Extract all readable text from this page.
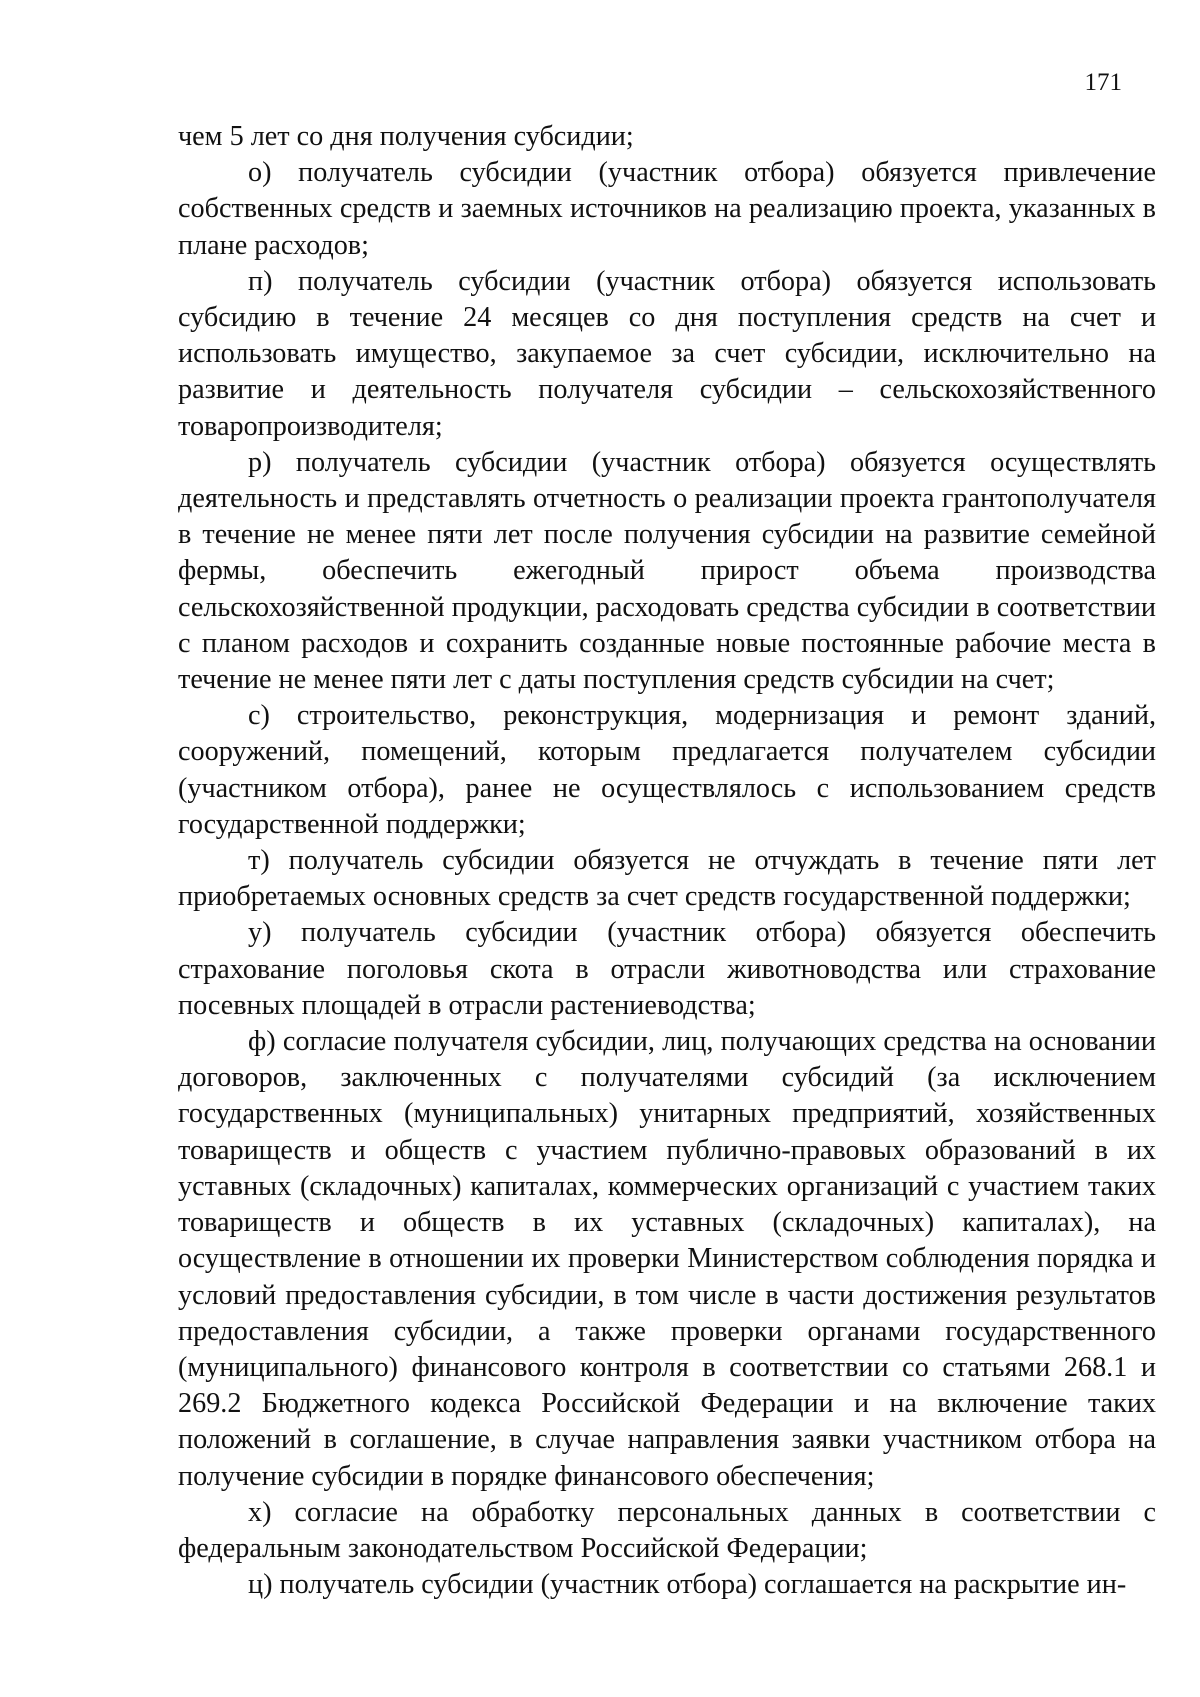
171

чем 5 лет со дня получения субсидии;

о) получатель субсидии (участник отбора) обязуется привлечение собственных средств и заемных источников на реализацию проекта, указанных в плане расходов;

п) получатель субсидии (участник отбора) обязуется использовать субсидию в течение 24 месяцев со дня поступления средств на счет и использовать имущество, закупаемое за счет субсидии, исключительно на развитие и деятельность получателя субсидии – сельскохозяйственного товаропроизводителя;

р) получатель субсидии (участник отбора) обязуется осуществлять деятельность и представлять отчетность о реализации проекта грантополучателя в течение не менее пяти лет после получения субсидии на развитие семейной фермы, обеспечить ежегодный прирост объема производства сельскохозяйственной продукции, расходовать средства субсидии в соответствии с планом расходов и сохранить созданные новые постоянные рабочие места в течение не менее пяти лет с даты поступления средств субсидии на счет;

с) строительство, реконструкция, модернизация и ремонт зданий, сооружений, помещений, которым предлагается получателем субсидии (участником отбора), ранее не осуществлялось с использованием средств государственной поддержки;

т) получатель субсидии обязуется не отчуждать в течение пяти лет приобретаемых основных средств за счет средств государственной поддержки;

у) получатель субсидии (участник отбора) обязуется обеспечить страхование поголовья скота в отрасли животноводства или страхование посевных площадей в отрасли растениеводства;

ф) согласие получателя субсидии, лиц, получающих средства на основании договоров, заключенных с получателями субсидий (за исключением государственных (муниципальных) унитарных предприятий, хозяйственных товариществ и обществ с участием публично-правовых образований в их уставных (складочных) капиталах, коммерческих организаций с участием таких товариществ и обществ в их уставных (складочных) капиталах), на осуществление в отношении их проверки Министерством соблюдения порядка и условий предоставления субсидии, в том числе в части достижения результатов предоставления субсидии, а также проверки органами государственного (муниципального) финансового контроля в соответствии со статьями 268.1 и 269.2 Бюджетного кодекса Российской Федерации и на включение таких положений в соглашение, в случае направления заявки участником отбора на получение субсидии в порядке финансового обеспечения;

х) согласие на обработку персональных данных в соответствии с федеральным законодательством Российской Федерации;

ц) получатель субсидии (участник отбора) соглашается на раскрытие ин-
